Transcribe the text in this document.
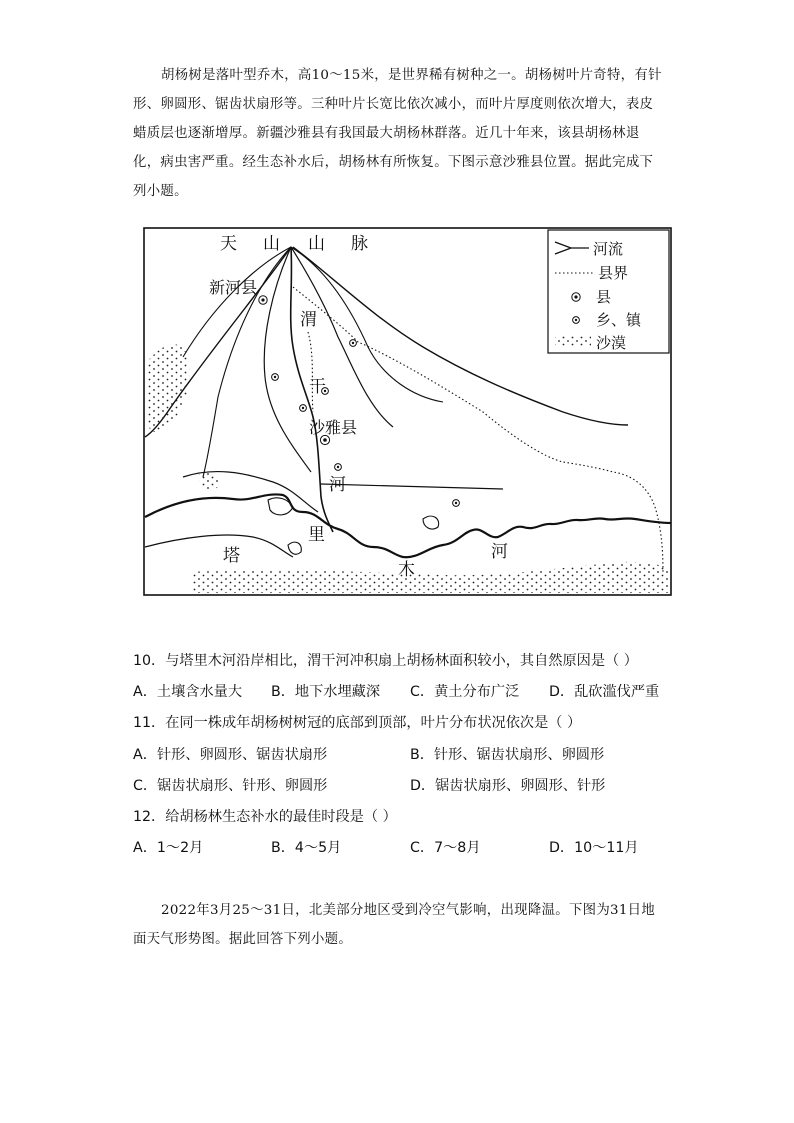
胡杨树是落叶型乔木，高10～15米，是世界稀有树种之一。胡杨树叶片奇特，有针形、卵圆形、锯齿状扇形等。三种叶片长宽比依次减小，而叶片厚度则依次增大，表皮蜡质层也逐渐增厚。新疆沙雅县有我国最大胡杨林群落。近几十年来，该县胡杨林退化，病虫害严重。经生态补水后，胡杨林有所恢复。下图示意沙雅县位置。据此完成下列小题。
天 山 山 脉
新河县
渭
干
沙雅县
河
塔
里
木
河
河流
县界
县
乡、镇
沙漠
10．与塔里木河沿岸相比，渭干河冲积扇上胡杨林面积较小，其自然原因是（ ）
A．土壤含水量大 B．地下水埋藏深 C．黄土分布广泛 D．乱砍滥伐严重
11．在同一株成年胡杨树树冠的底部到顶部，叶片分布状况依次是（ ）
A．针形、卵圆形、锯齿状扇形	B．针形、锯齿状扇形、卵圆形
C．锯齿状扇形、针形、卵圆形	D．锯齿状扇形、卵圆形、针形
12．给胡杨林生态补水的最佳时段是（ ）
A．1～2月	B．4～5月	C．7～8月	D．10～11月
2022年3月25～31日，北美部分地区受到冷空气影响，出现降温。下图为31日地面天气形势图。据此回答下列小题。
